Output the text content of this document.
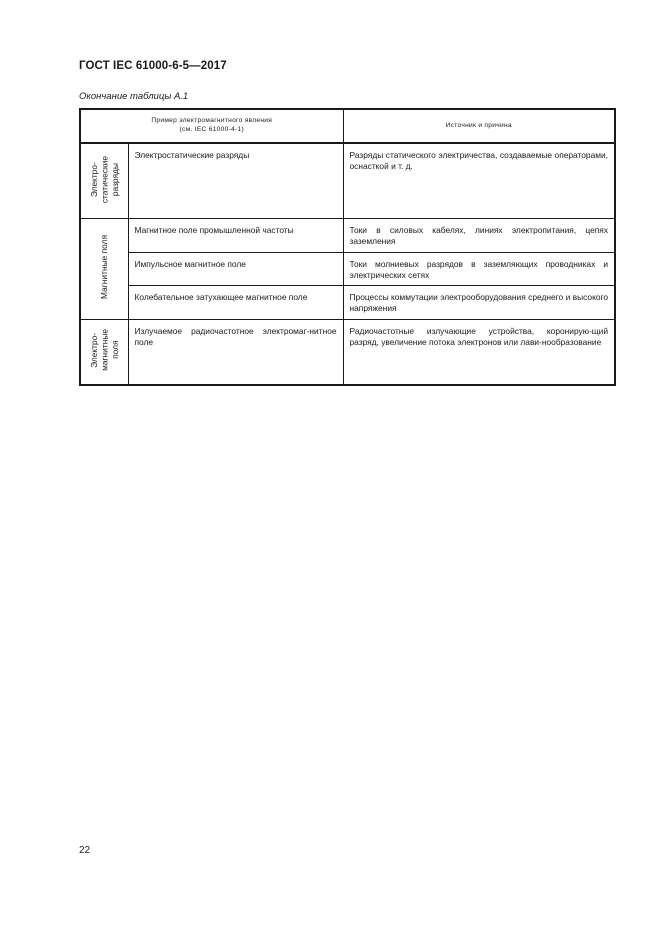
ГОСТ IEC 61000-6-5—2017
Окончание таблицы А.1
Пример электромагнитного явления
(см. IEC 61000-4-1)		Источник и причина

Электро-
статические
разряды	Электростатические разряды	Разряды статического электричества, создаваемые операторами, оснасткой и т. д.

Магнитные поля	Магнитное поле промышленной частоты	Токи в силовых кабелях, линиях электропитания, цепях заземления

	Импульсное магнитное поле	Токи молниевых разрядов в заземляющих проводниках и электрических сетях

	Колебательное затухающее магнитное поле	Процессы коммутации электрооборудования среднего и высокого напряжения

Электро-
магнитные
поля	Излучаемое радиочастотное электромаг-нитное поле	Радиочастотные излучающие устройства, коронирую-щий разряд, увеличение потока электронов или лави-нообразование
22
